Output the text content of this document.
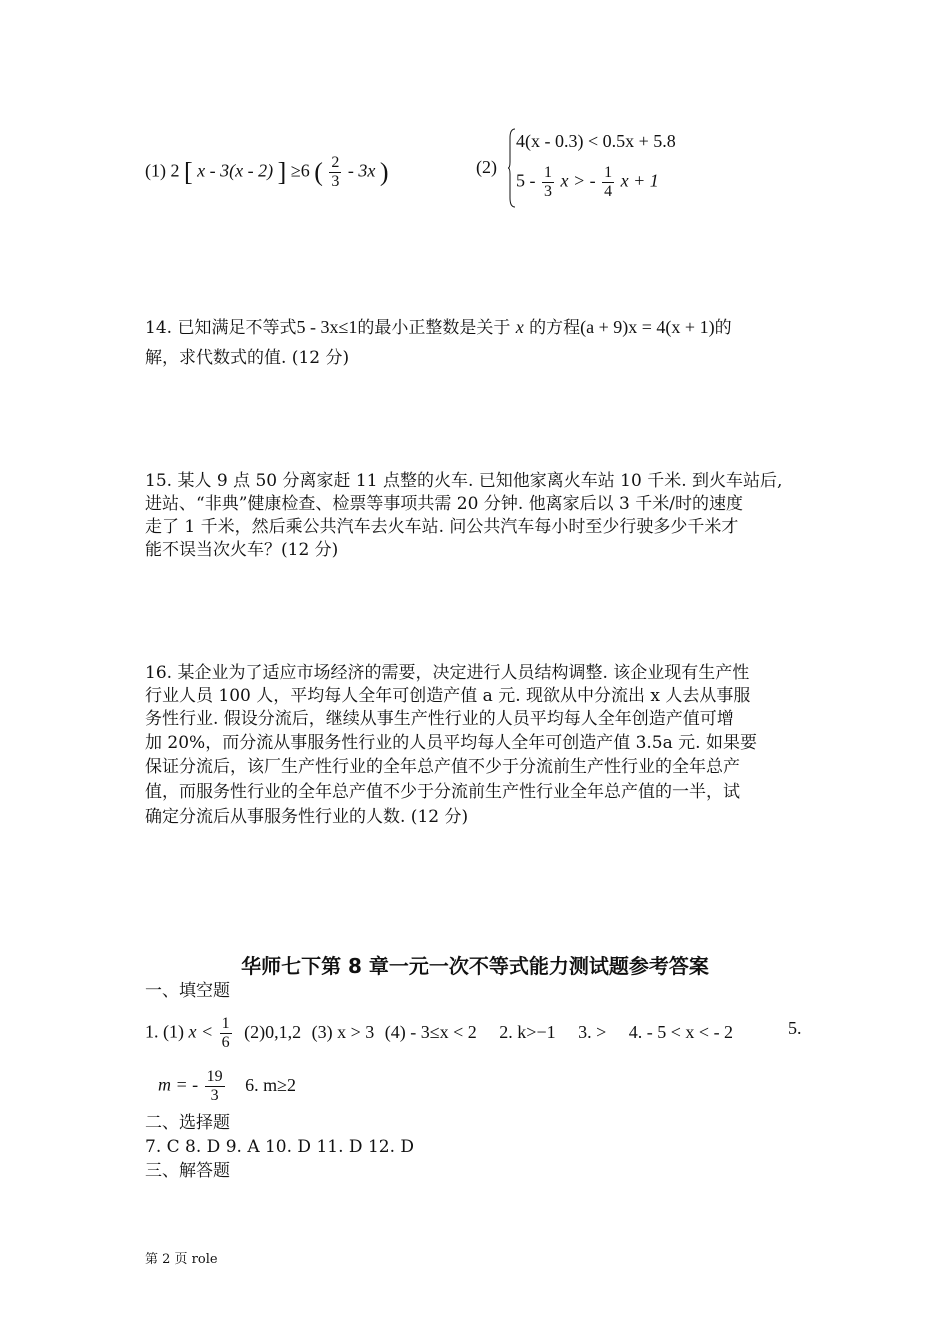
(1) 2 [ x - 3(x - 2) ] ≥6 ( $\frac{2}{3} - 3x$ )	(2)
4(x - 0.3) < 0.5x + 5.8
$5 - \frac{1}{3}$ x > - $\frac{1}{4}$ x + 1
14. 已知满足不等式5 - 3x≤1的最小正整数是关于 x 的方程(a + 9)x = 4(x + 1)的
解，求代数式的值. (12 分)
15. 某人 9 点 50 分离家赶 11 点整的火车. 已知他家离火车站 10 千米. 到火车站后,
进站、“非典”健康检查、检票等事项共需 20 分钟. 他离家后以 3 千米/时的速度
走了 1 千米，然后乘公共汽车去火车站. 问公共汽车每小时至少行驶多少千米才
能不误当次火车？(12 分)
16. 某企业为了适应市场经济的需要，决定进行人员结构调整. 该企业现有生产性
行业人员 100 人，平均每人全年可创造产值 a 元. 现欲从中分流出 x 人去从事服
务性行业. 假设分流后，继续从事生产性行业的人员平均每人全年创造产值可增
加 20%，而分流从事服务性行业的人员平均每人全年可创造产值 3.5a 元. 如果要
保证分流后，该厂生产性行业的全年总产值不少于分流前生产性行业的全年总产
值，而服务性行业的全年总产值不少于分流前生产性行业全年总产值的一半，试
确定分流后从事服务性行业的人数. (12 分)
华师七下第 8 章一元一次不等式能力测试题参考答案
一、填空题
1. (1) $x < \frac{1}{6} (2)0,1,2$ (3) x > 3 (4) - 3≤x < 2 2. k>−1 3. > 4. - 5 < x < - 2	5.
m = - $\frac{19}{3} 6$. m≥2
二、选择题
7. C 8. D 9. A 10. D 11. D 12. D
三、解答题
第 2 页 role
